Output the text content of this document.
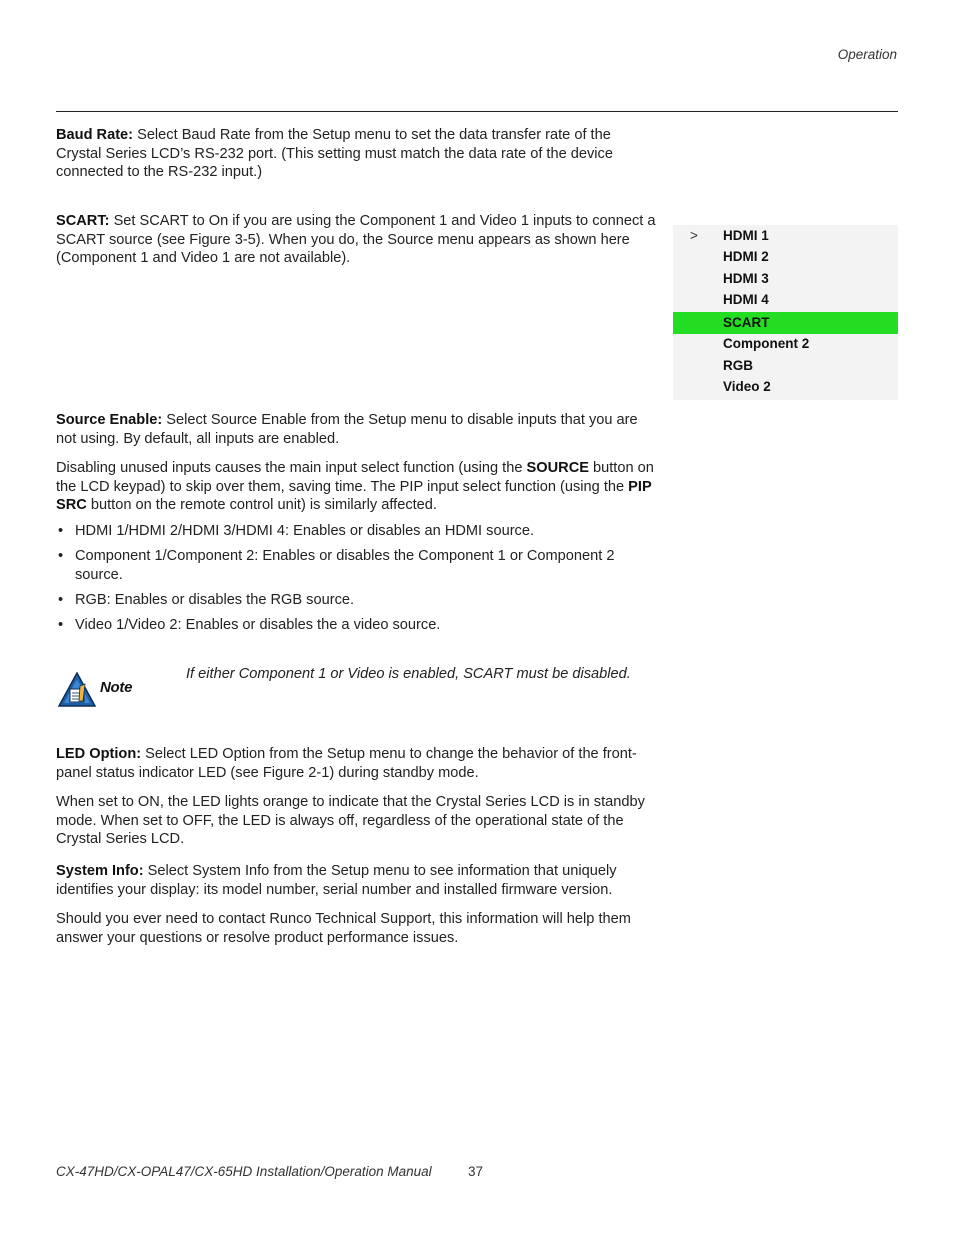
Operation

Baud Rate: Select Baud Rate from the Setup menu to set the data transfer rate of the Crystal Series LCD’s RS-232 port. (This setting must match the data rate of the device connected to the RS-232 input.)

SCART: Set SCART to On if you are using the Component 1 and Video 1 inputs to connect a SCART source (see Figure 3-5). When you do, the Source menu appears as shown here (Component 1 and Video 1 are not available).

> HDMI 1
HDMI 2
HDMI 3
HDMI 4
SCART
Component 2
RGB
Video 2

Source Enable: Select Source Enable from the Setup menu to disable inputs that you are not using. By default, all inputs are enabled.

Disabling unused inputs causes the main input select function (using the SOURCE button on the LCD keypad) to skip over them, saving time. The PIP input select function (using the PIP SRC button on the remote control unit) is similarly affected.

• HDMI 1/HDMI 2/HDMI 3/HDMI 4: Enables or disables an HDMI source.
• Component 1/Component 2: Enables or disables the Component 1 or Component 2 source.
• RGB: Enables or disables the RGB source.
• Video 1/Video 2: Enables or disables the a video source.
Note
If either Component 1 or Video is enabled, SCART must be disabled.

LED Option: Select LED Option from the Setup menu to change the behavior of the front-panel status indicator LED (see Figure 2-1) during standby mode.

When set to ON, the LED lights orange to indicate that the Crystal Series LCD is in standby mode. When set to OFF, the LED is always off, regardless of the operational state of the Crystal Series LCD.

System Info: Select System Info from the Setup menu to see information that uniquely identifies your display: its model number, serial number and installed firmware version.

Should you ever need to contact Runco Technical Support, this information will help them answer your questions or resolve product performance issues.

CX-47HD/CX-OPAL47/CX-65HD Installation/Operation Manual	37
